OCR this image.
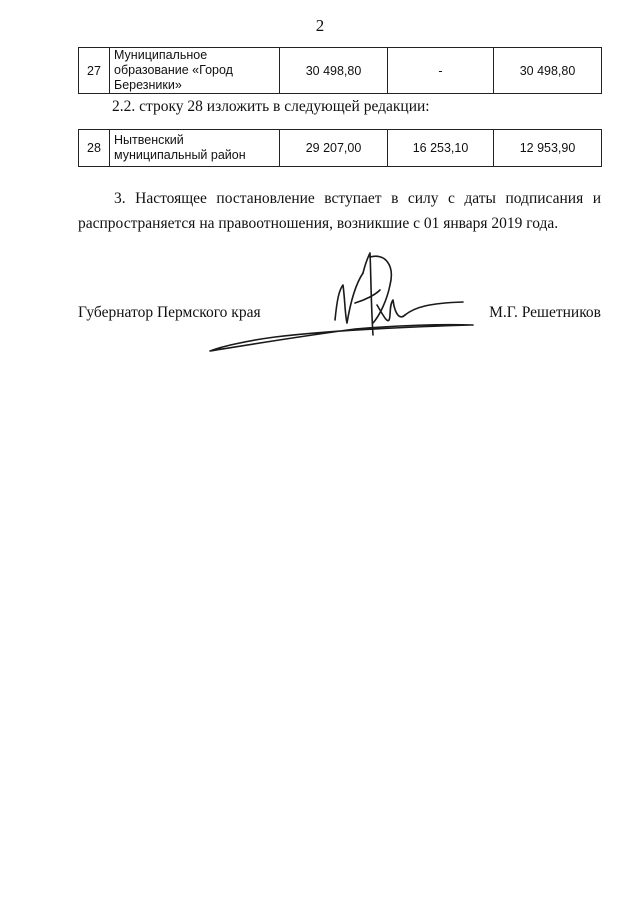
2
27	Муниципальное образование «Город Березники»	30 498,80	-	30 498,80
2.2. строку 28 изложить в следующей редакции:
28	Нытвенский муниципальный район	29 207,00	16 253,10	12 953,90
3. Настоящее постановление вступает в силу с даты подписания и распространяется на правоотношения, возникшие с 01 января 2019 года.
Губернатор Пермского края	М.Г. Решетников
